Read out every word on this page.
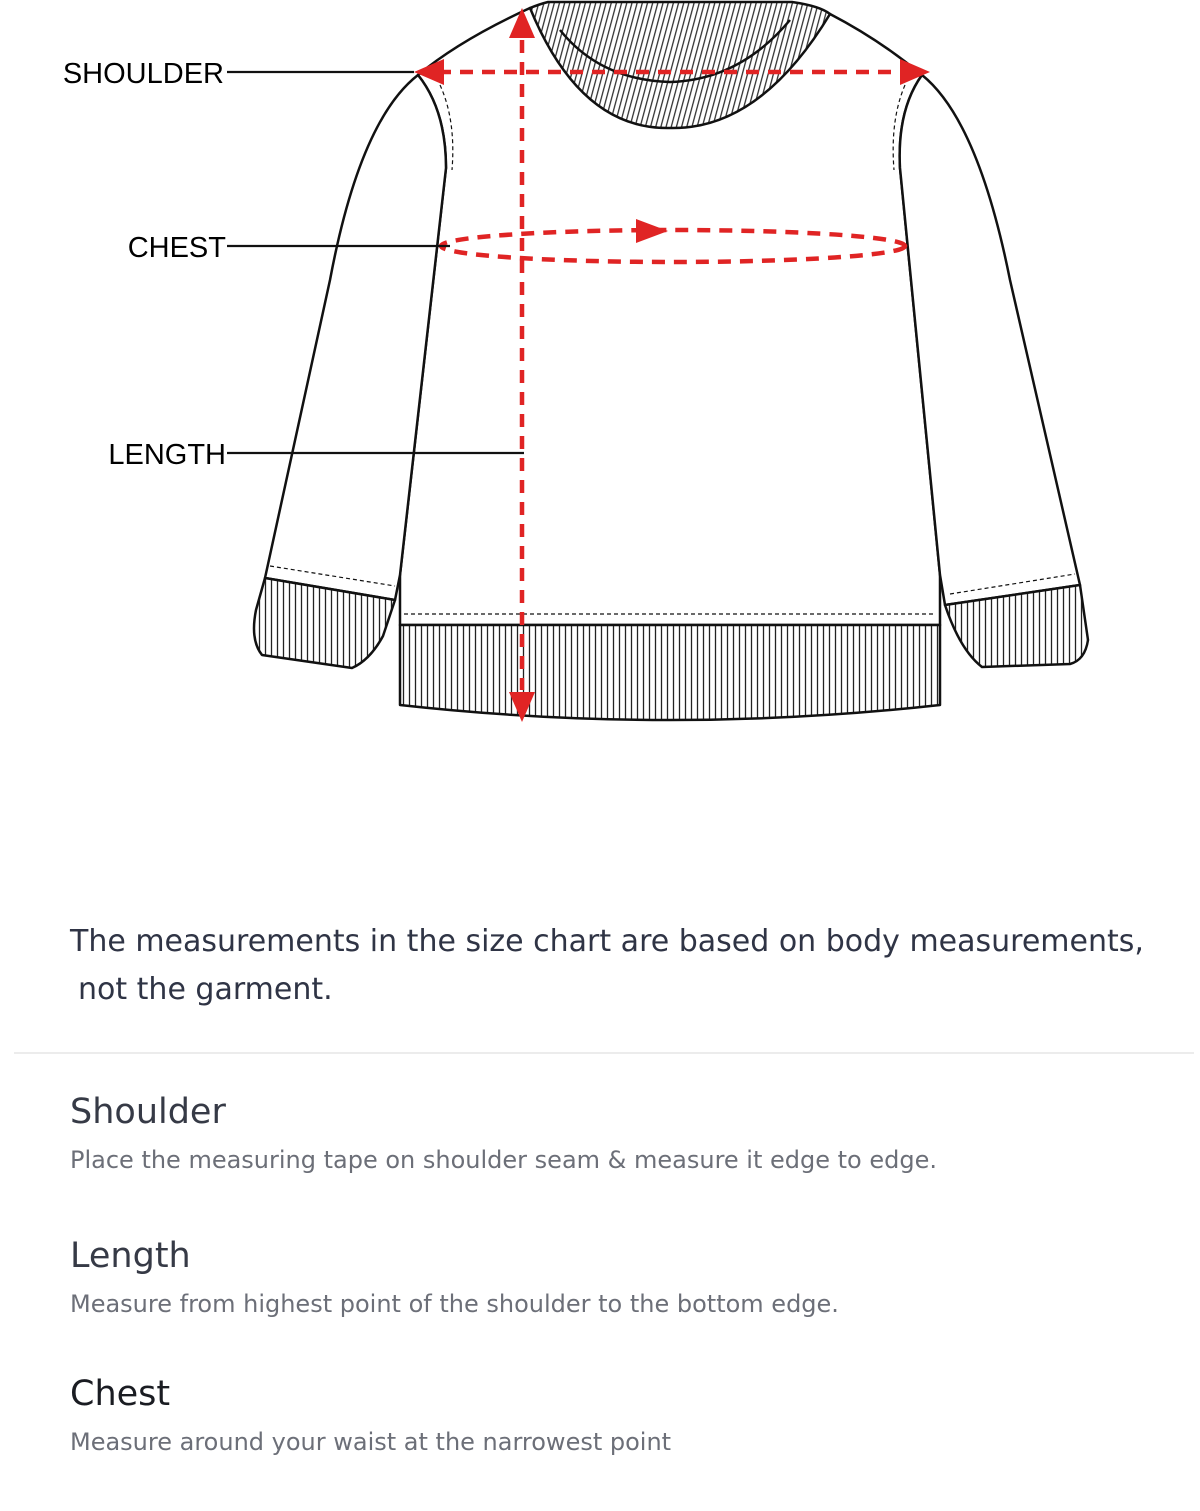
SHOULDER
CHEST
LENGTH
The measurements in the size chart are based on body measurements,

not the garment.
Shoulder
Place the measuring tape on shoulder seam & measure it edge to edge.
Length
Measure from highest point of the shoulder to the bottom edge.
Chest
Measure around your waist at the narrowest point
